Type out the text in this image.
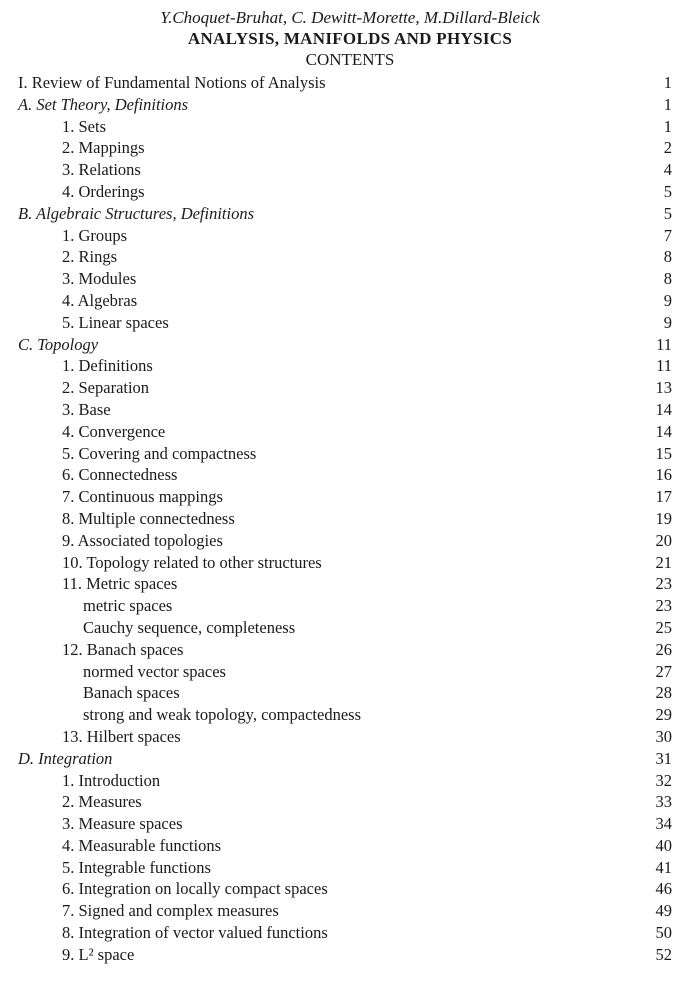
Y.Choquet-Bruhat, C. Dewitt-Morette, M.Dillard-Bleick
ANALYSIS, MANIFOLDS AND PHYSICS
CONTENTS
I. Review of Fundamental Notions of Analysis	1
A. Set Theory, Definitions	1
1. Sets	1
2. Mappings	2
3. Relations	4
4. Orderings	5
B. Algebraic Structures, Definitions	5
1. Groups	7
2. Rings	8
3. Modules	8
4. Algebras	9
5. Linear spaces	9
C. Topology	11
1. Definitions	11
2. Separation	13
3. Base	14
4. Convergence	14
5. Covering and compactness	15
6. Connectedness	16
7. Continuous mappings	17
8. Multiple connectedness	19
9. Associated topologies	20
10. Topology related to other structures	21
11. Metric spaces	23
metric spaces	23
Cauchy sequence, completeness	25
12. Banach spaces	26
normed vector spaces	27
Banach spaces	28
strong and weak topology, compactedness	29
13. Hilbert spaces	30
D. Integration	31
1. Introduction	32
2. Measures	33
3. Measure spaces	34
4. Measurable functions	40
5. Integrable functions	41
6. Integration on locally compact spaces	46
7. Signed and complex measures	49
8. Integration of vector valued functions	50
9. L² space	52
